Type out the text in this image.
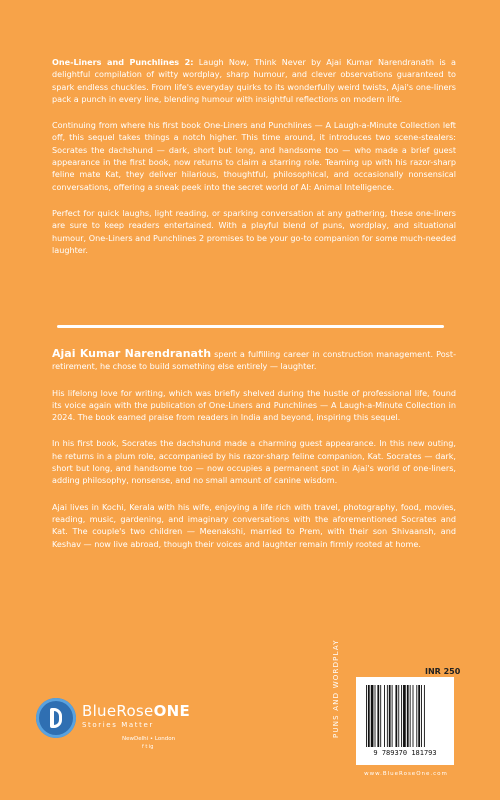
One-Liners and Punchlines 2: Laugh Now, Think Never by Ajai Kumar Narendranath is a delightful compilation of witty wordplay, sharp humour, and clever observations guaranteed to spark endless chuckles. From life's everyday quirks to its wonderfully weird twists, Ajai's one-liners pack a punch in every line, blending humour with insightful reflections on modern life.

Continuing from where his first book One-Liners and Punchlines — A Laugh-a-Minute Collection left off, this sequel takes things a notch higher. This time around, it introduces two scene-stealers: Socrates the dachshund — dark, short but long, and handsome too — who made a brief guest appearance in the first book, now returns to claim a starring role. Teaming up with his razor-sharp feline mate Kat, they deliver hilarious, thoughtful, philosophical, and occasionally nonsensical conversations, offering a sneak peek into the secret world of AI: Animal Intelligence.

Perfect for quick laughs, light reading, or sparking conversation at any gathering, these one-liners are sure to keep readers entertained. With a playful blend of puns, wordplay, and situational humour, One-Liners and Punchlines 2 promises to be your go-to companion for some much-needed laughter.

Ajai Kumar Narendranath spent a fulfilling career in construction management. Post-retirement, he chose to build something else entirely — laughter.

His lifelong love for writing, which was briefly shelved during the hustle of professional life, found its voice again with the publication of One-Liners and Punchlines — A Laugh-a-Minute Collection in 2024. The book earned praise from readers in India and beyond, inspiring this sequel.

In his first book, Socrates the dachshund made a charming guest appearance. In this new outing, he returns in a plum role, accompanied by his razor-sharp feline companion, Kat. Socrates — dark, short but long, and handsome too — now occupies a permanent spot in Ajai's world of one-liners, adding philosophy, nonsense, and no small amount of canine wisdom.

Ajai lives in Kochi, Kerala with his wife, enjoying a life rich with travel, photography, food, movies, reading, music, gardening, and imaginary conversations with the aforementioned Socrates and Kat. The couple's two children — Meenakshi, married to Prem, with their son Shivaansh, and Keshav — now live abroad, though their voices and laughter remain firmly rooted at home.

BlueRoseONE
Stories Matter
NewDelhi • London
f t ig
PUNS AND WORDPLAY	INR 250
9 789370 181793
www.BlueRoseOne.com
